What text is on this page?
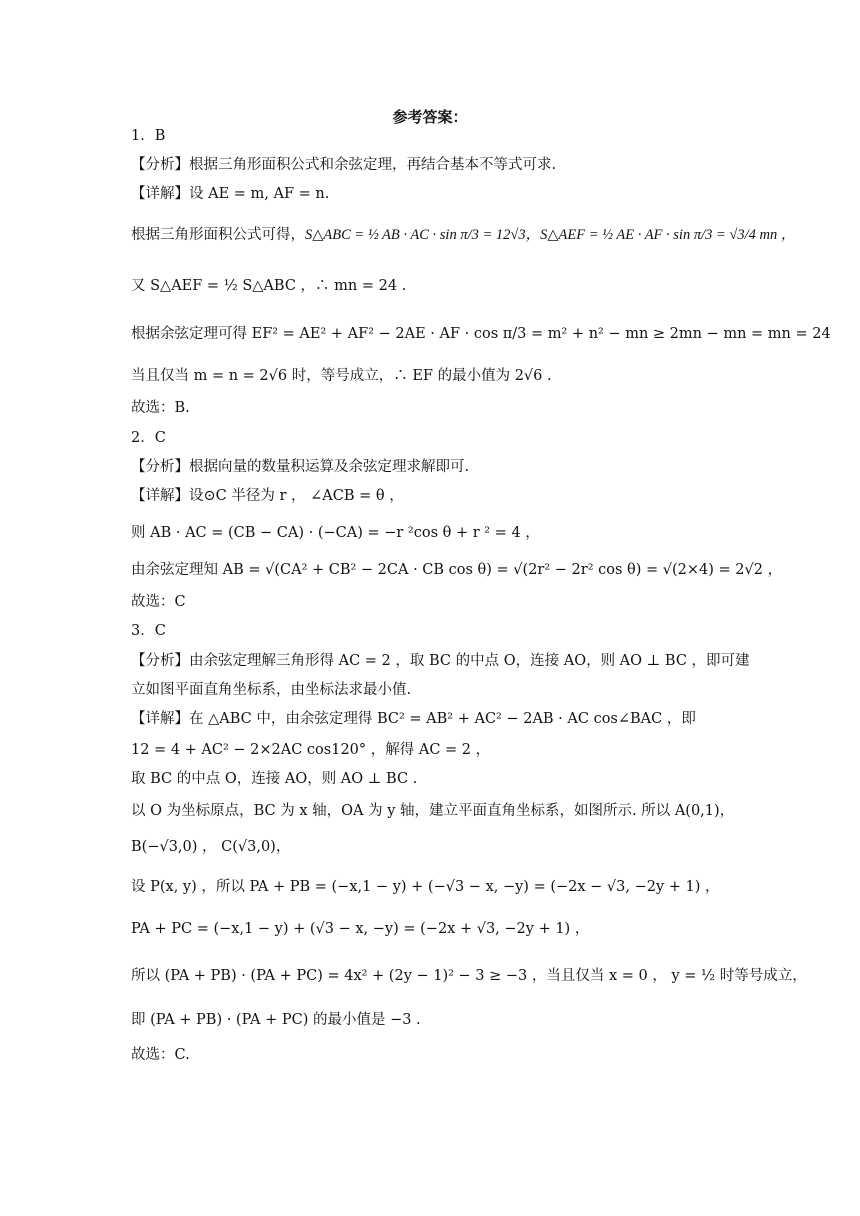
参考答案：
1．B
【分析】根据三角形面积公式和余弦定理，再结合基本不等式可求.
【详解】设 AE = m, AF = n.
根据三角形面积公式可得，S△ABC = ½ AB · AC · sin π/3 = 12√3，S△AEF = ½ AE · AF · sin π/3 = √3/4 mn ，
又 S△AEF = ½ S△ABC ，∴ mn = 24 .
根据余弦定理可得 EF² = AE² + AF² − 2AE · AF · cos π/3 = m² + n² − mn ≥ 2mn − mn = mn = 24
当且仅当 m = n = 2√6 时，等号成立，∴ EF 的最小值为 2√6 .
故选：B.
2．C
【分析】根据向量的数量积运算及余弦定理求解即可.
【详解】设⊙C 半径为 r ， ∠ACB = θ ，
则 AB · AC = (CB − CA) · (−CA) = −r ²cos θ + r ² = 4 ，
由余弦定理知 AB = √(CA² + CB² − 2CA · CB cos θ) = √(2r² − 2r² cos θ) = √(2×4) = 2√2 ，
故选：C
3．C
【分析】由余弦定理解三角形得 AC = 2 ，取 BC 的中点 O，连接 AO，则 AO ⊥ BC ，即可建
立如图平面直角坐标系，由坐标法求最小值.
【详解】在 △ABC 中，由余弦定理得 BC² = AB² + AC² − 2AB · AC cos∠BAC ，即
12 = 4 + AC² − 2×2AC cos120° ，解得 AC = 2 ，
取 BC 的中点 O，连接 AO，则 AO ⊥ BC .
以 O 为坐标原点，BC 为 x 轴，OA 为 y 轴，建立平面直角坐标系，如图所示. 所以 A(0,1)，
B(−√3,0) ， C(√3,0)，
设 P(x, y) ，所以 PA + PB = (−x,1 − y) + (−√3 − x, −y) = (−2x − √3, −2y + 1) ，
PA + PC = (−x,1 − y) + (√3 − x, −y) = (−2x + √3, −2y + 1) ，
所以 (PA + PB) · (PA + PC) = 4x² + (2y − 1)² − 3 ≥ −3 ，当且仅当 x = 0 ， y = ½ 时等号成立，
即 (PA + PB) · (PA + PC) 的最小值是 −3 .
故选：C.
